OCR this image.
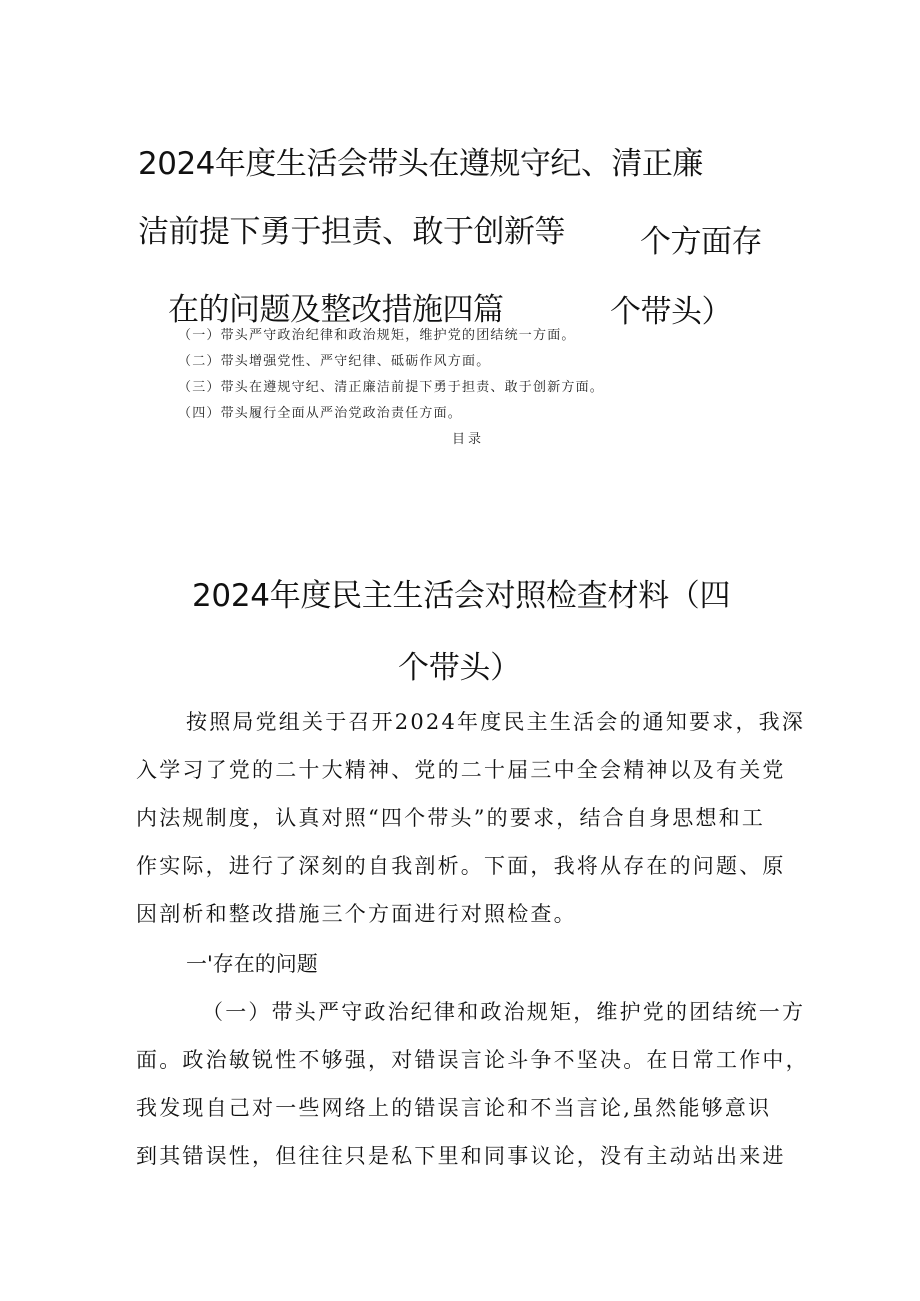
2024年度生活会带头在遵规守纪、清正廉
洁前提下勇于担责、敢于创新等 个方面存
在的问题及整改措施四篇	个带头）
（一）带头严守政治纪律和政治规矩，维护党的团结统一方面。
（二）带头增强党性、严守纪律、砥砺作风方面。
（三）带头在遵规守纪、清正廉洁前提下勇于担责、敢于创新方面。
（四）带头履行全面从严治党政治责任方面。
目录
2024年度民主生活会对照检查材料（四
个带头）
按照局党组关于召开2024年度民主生活会的通知要求，我深
入学习了党的二十大精神、党的二十届三中全会精神以及有关党
内法规制度，认真对照“四个带头”的要求，结合自身思想和工
作实际，进行了深刻的自我剖析。下面，我将从存在的问题、原
因剖析和整改措施三个方面进行对照检查。
一'存在的问题
（一）带头严守政治纪律和政治规矩，维护党的团结统一方
面。政治敏锐性不够强，对错误言论斗争不坚决。在日常工作中，
我发现自己对一些网络上的错误言论和不当言论,虽然能够意识
到其错误性，但往往只是私下里和同事议论，没有主动站出来进
